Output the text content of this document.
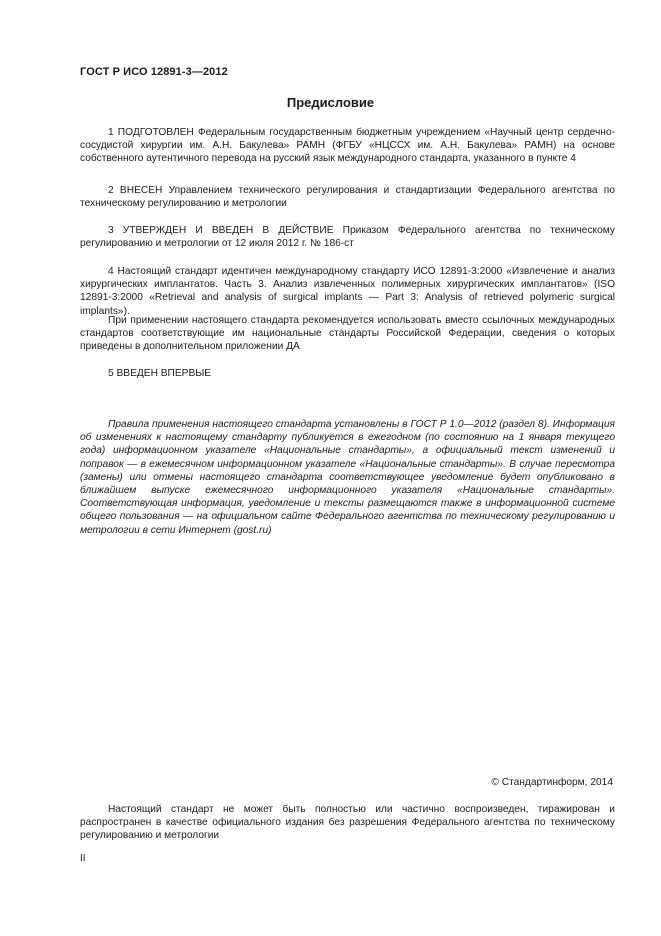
ГОСТ Р ИСО 12891-3—2012
Предисловие
1 ПОДГОТОВЛЕН Федеральным государственным бюджетным учреждением «Научный центр сердечно-сосудистой хирургии им. А.Н. Бакулева» РАМН (ФГБУ «НЦССХ им. А.Н. Бакулева» РАМН) на основе собственного аутентичного перевода на русский язык международного стандарта, указанного в пункте 4
2 ВНЕСЕН Управлением технического регулирования и стандартизации Федерального агентства по техническому регулированию и метрологии
3 УТВЕРЖДЕН И ВВЕДЕН В ДЕЙСТВИЕ Приказом Федерального агентства по техническому регулированию и метрологии от 12 июля 2012 г. № 186-ст
4 Настоящий стандарт идентичен международному стандарту ИСО 12891-3:2000 «Извлечение и анализ хирургических имплантатов. Часть 3. Анализ извлеченных полимерных хирургических имплантатов» (ISO 12891-3:2000 «Retrieval and analysis of surgical implants — Part 3: Analysis of retrieved polymeric surgical implants»).
При применении настоящего стандарта рекомендуется использовать вместо ссылочных международных стандартов соответствующие им национальные стандарты Российской Федерации, сведения о которых приведены в дополнительном приложении ДА
5 ВВЕДЕН ВПЕРВЫЕ
Правила применения настоящего стандарта установлены в ГОСТ Р 1.0—2012 (раздел 8). Информация об изменениях к настоящему стандарту публикуется в ежегодном (по состоянию на 1 января текущего года) информационном указателе «Национальные стандарты», а официальный текст изменений и поправок — в ежемесячном информационном указателе «Национальные стандарты». В случае пересмотра (замены) или отмены настоящего стандарта соответствующее уведомление будет опубликовано в ближайшем выпуске ежемесячного информационного указателя «Национальные стандарты». Соответствующая информация, уведомление и тексты размещаются также в информационной системе общего пользования — на официальном сайте Федерального агентства по техническому регулированию и метрологии в сети Интернет (gost.ru)
© Стандартинформ, 2014
Настоящий стандарт не может быть полностью или частично воспроизведен, тиражирован и распространен в качестве официального издания без разрешения Федерального агентства по техническому регулированию и метрологии
II
